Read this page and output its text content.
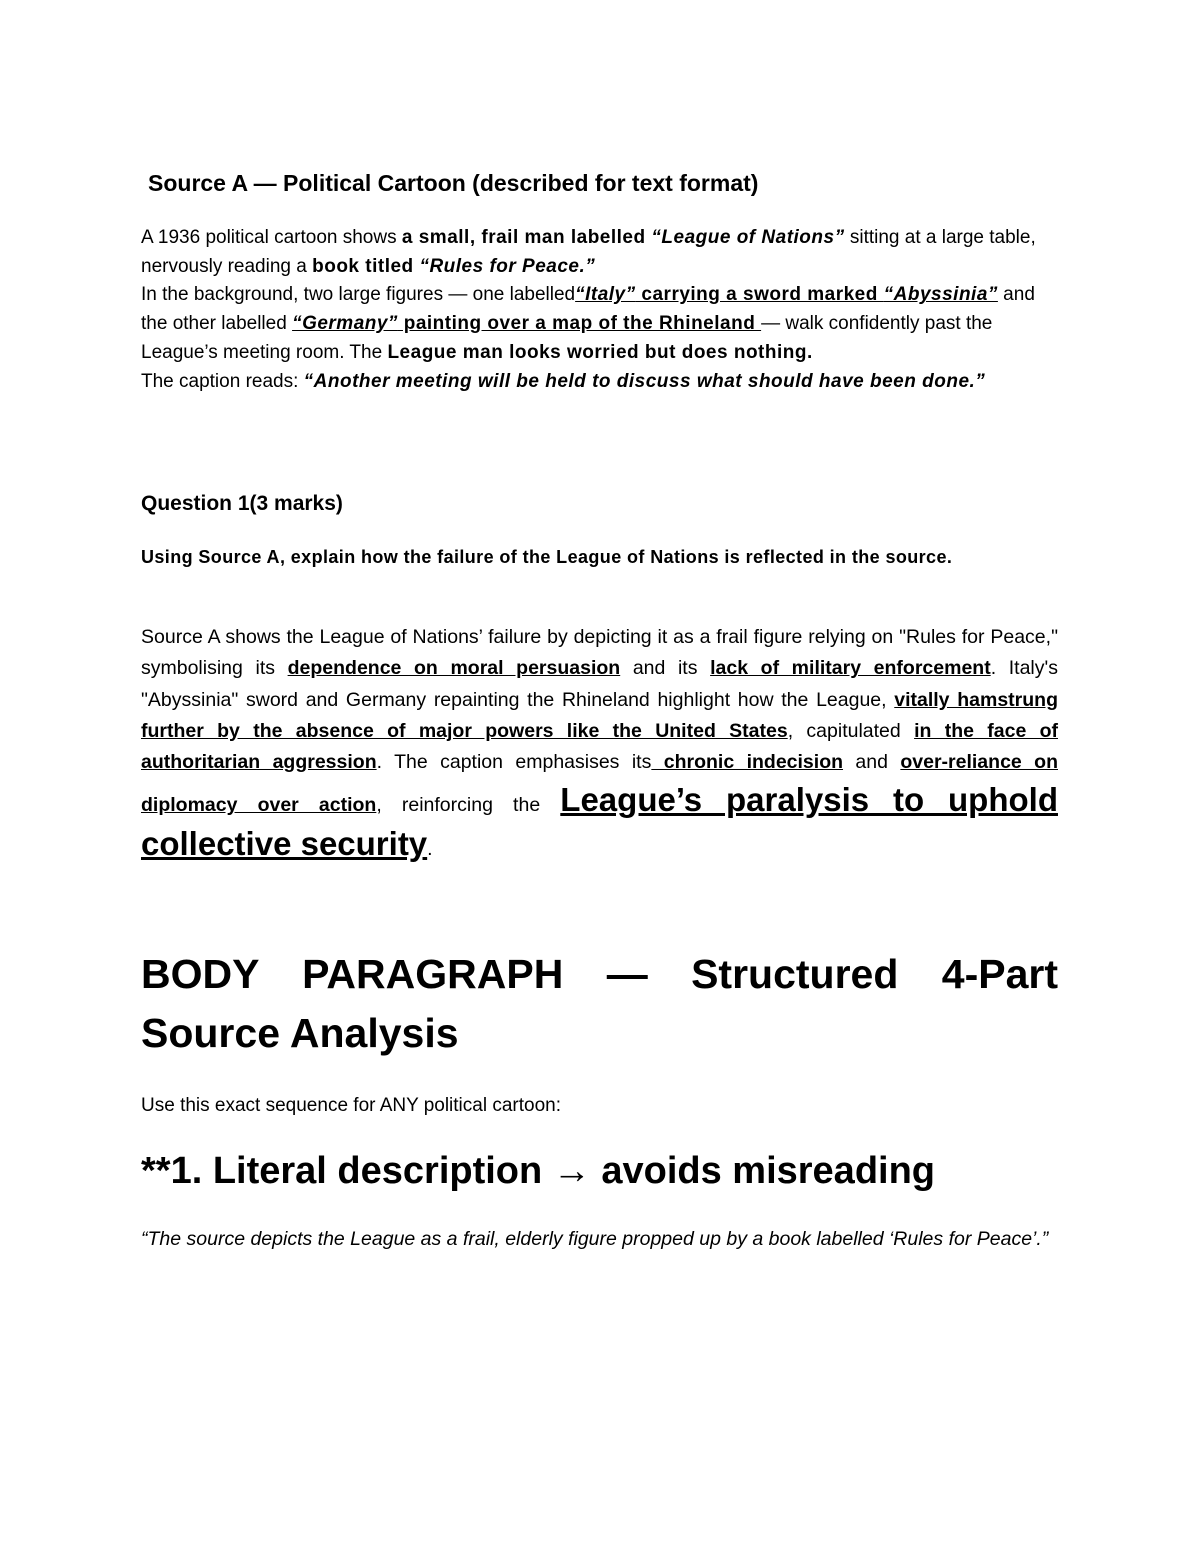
Source A — Political Cartoon (described for text format)
A 1936 political cartoon shows a small, frail man labelled “League of Nations” sitting at a large table, nervously reading a book titled “Rules for Peace.”
In the background, two large figures — one labelled“Italy” carrying a sword marked “Abyssinia” and the other labelled “Germany” painting over a map of the Rhineland — walk confidently past the League’s meeting room. The League man looks worried but does nothing.
The caption reads: “Another meeting will be held to discuss what should have been done.”
Question 1(3 marks)
Using Source A, explain how the failure of the League of Nations is reflected in the source.
Source A shows the League of Nations’ failure by depicting it as a frail figure relying on "Rules for Peace," symbolising its dependence on moral persuasion and its lack of military enforcement. Italy's "Abyssinia" sword and Germany repainting the Rhineland highlight how the League, vitally hamstrung further by the absence of major powers like the United States, capitulated in the face of authoritarian aggression. The caption emphasises its chronic indecision and over-reliance on diplomacy over action, reinforcing the League’s paralysis to uphold collective security.
BODY PARAGRAPH — Structured 4-Part Source Analysis
Use this exact sequence for ANY political cartoon:
**1. Literal description → avoids misreading
“The source depicts the League as a frail, elderly figure propped up by a book labelled ‘Rules for Peace’.”
